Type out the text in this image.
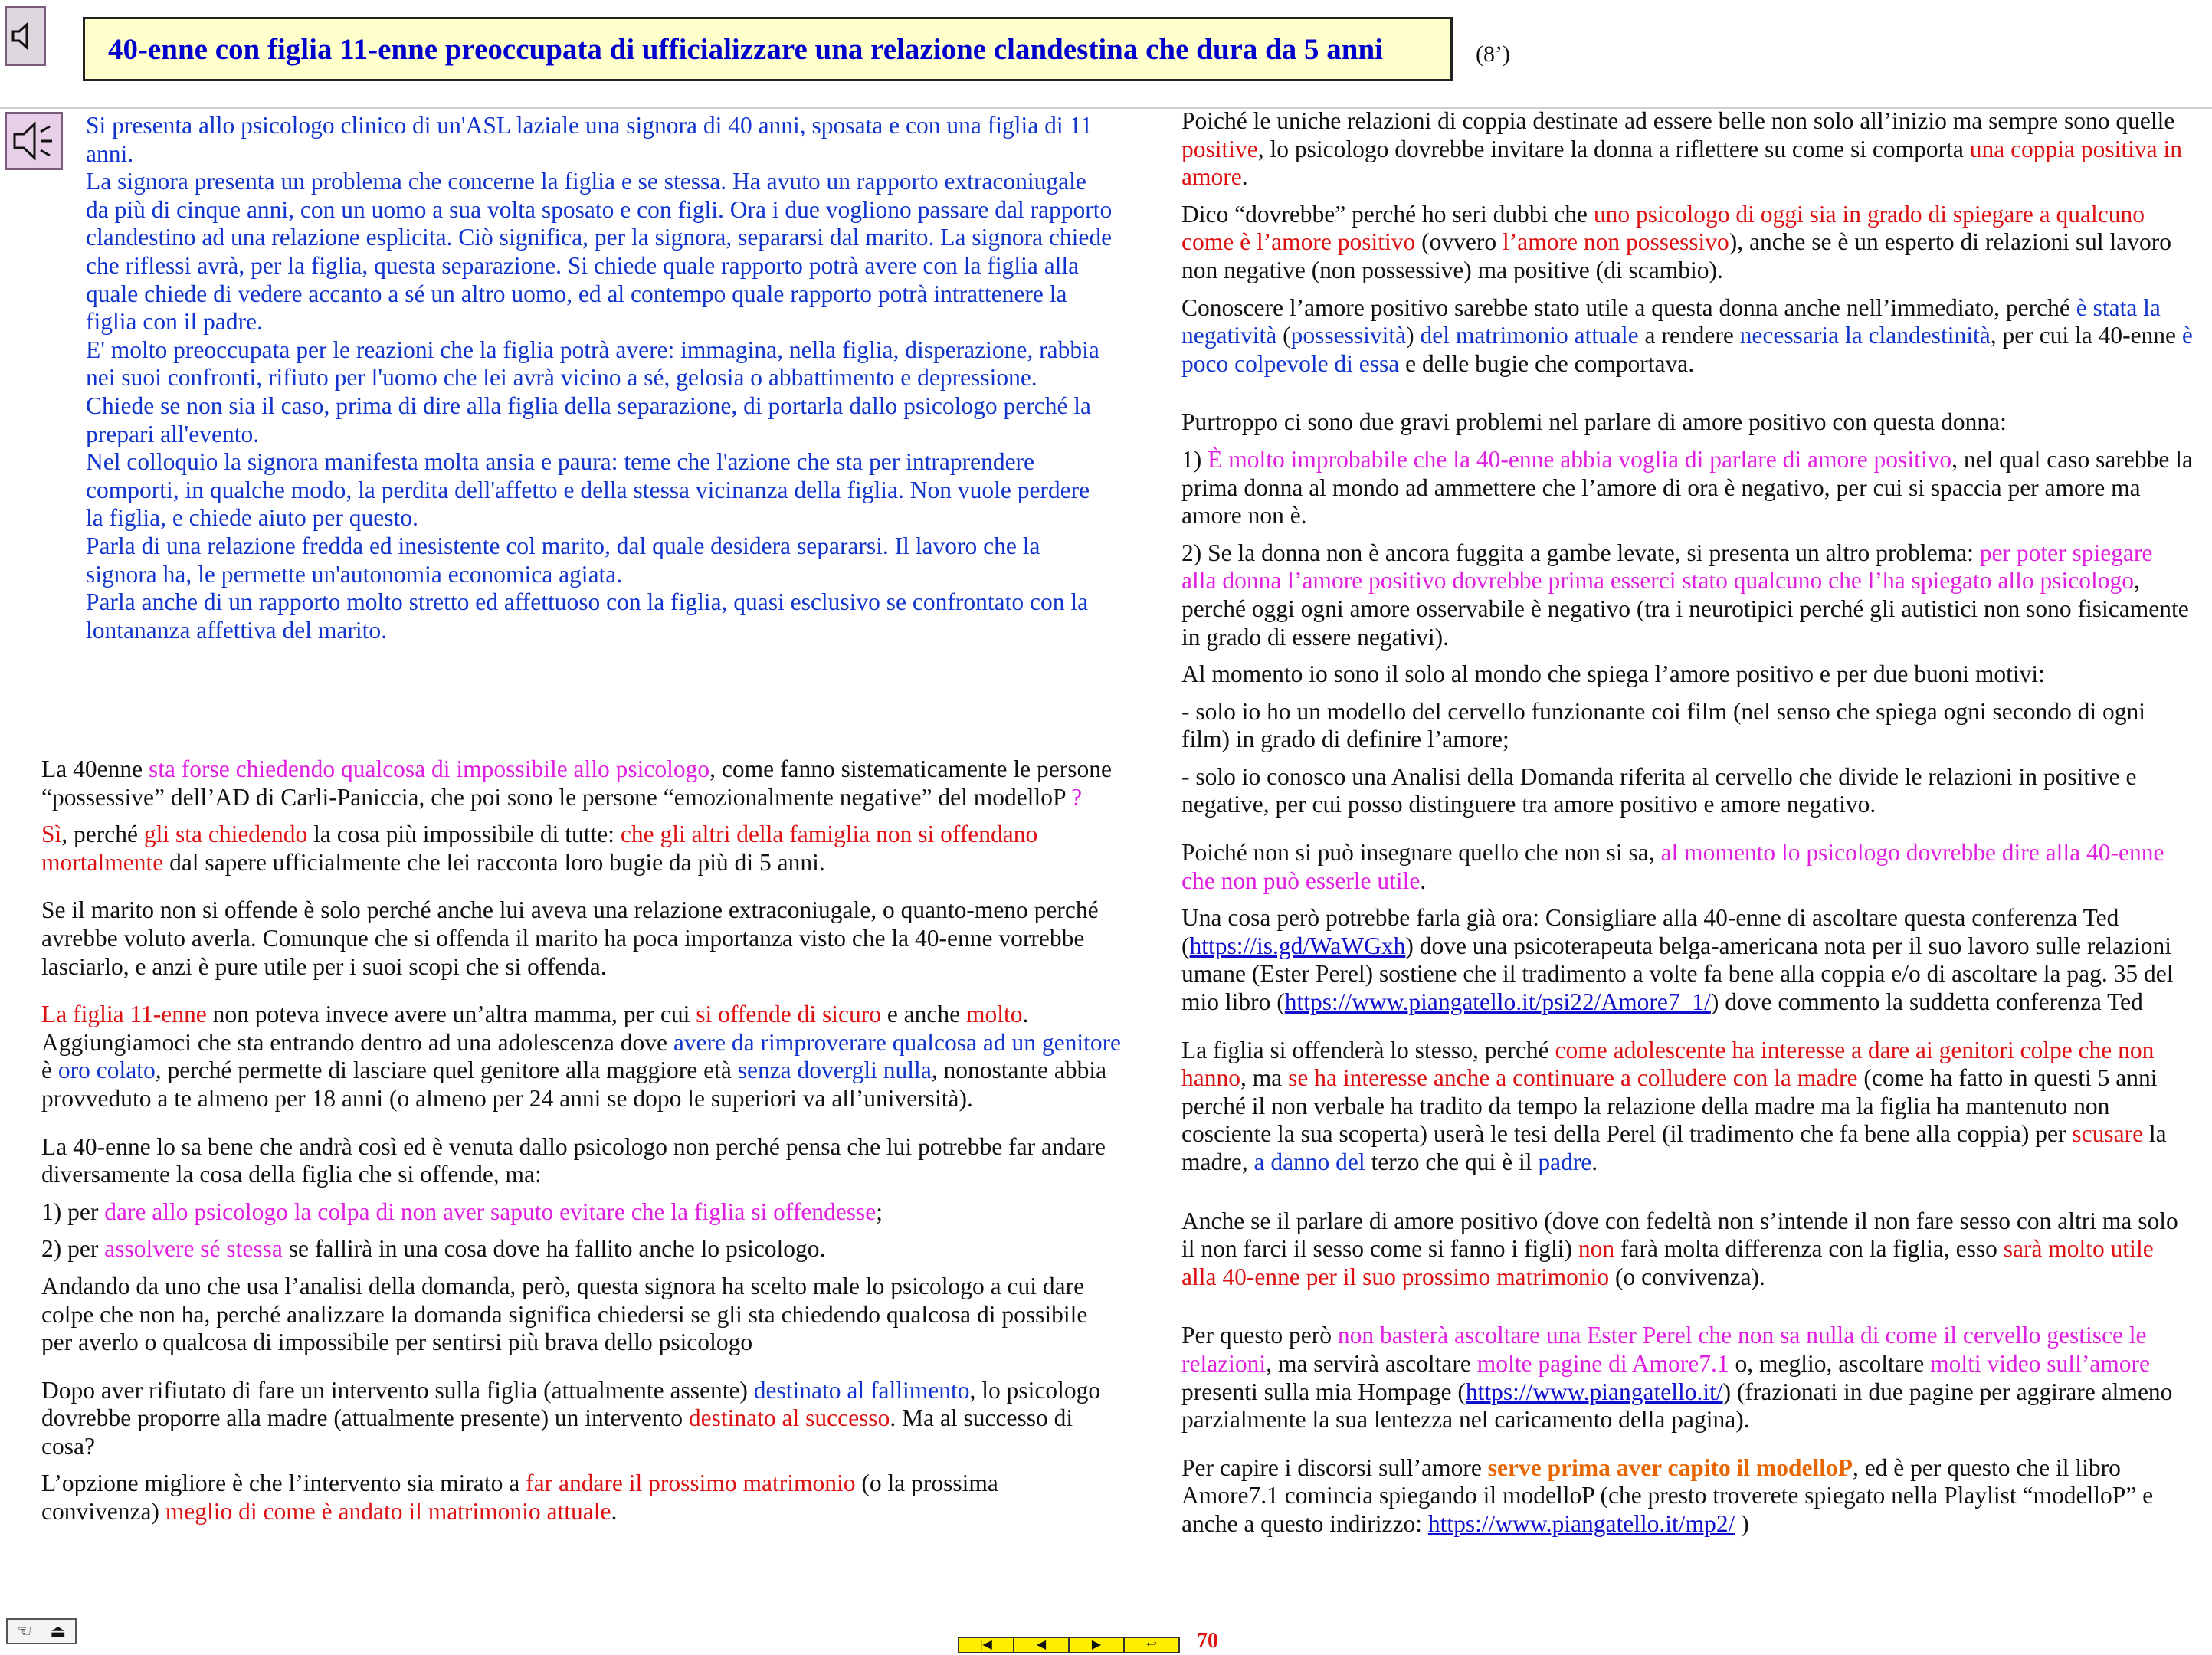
40-enne con figlia 11-enne preoccupata di ufficializzare una relazione clandestina che dura da 5 anni	(8’)

Si presenta allo psicologo clinico di un'ASL laziale una signora di 40 anni, sposata e con una figlia di 11 anni.

La signora presenta un problema che concerne la figlia e se stessa. Ha avuto un rapporto extraconiugale da più di cinque anni, con un uomo a sua volta sposato e con figli. Ora i due vogliono passare dal rapporto clandestino ad una relazione esplicita. Ciò significa, per la signora, separarsi dal marito. La signora chiede che riflessi avrà, per la figlia, questa separazione. Si chiede quale rapporto potrà avere con la figlia alla quale chiede di vedere accanto a sé un altro uomo, ed al contempo quale rapporto potrà intrattenere la figlia con il padre.

E' molto preoccupata per le reazioni che la figlia potrà avere: immagina, nella figlia, disperazione, rabbia nei suoi confronti, rifiuto per l'uomo che lei avrà vicino a sé, gelosia o abbattimento e depressione.

Chiede se non sia il caso, prima di dire alla figlia della separazione, di portarla dallo psicologo perché la prepari all'evento.

Nel colloquio la signora manifesta molta ansia e paura: teme che l'azione che sta per intraprendere comporti, in qualche modo, la perdita dell'affetto e della stessa vicinanza della figlia. Non vuole perdere la figlia, e chiede aiuto per questo.

Parla di una relazione fredda ed inesistente col marito, dal quale desidera separarsi. Il lavoro che la signora ha, le permette un'autonomia economica agiata.

Parla anche di un rapporto molto stretto ed affettuoso con la figlia, quasi esclusivo se confrontato con la lontananza affettiva del marito.

La 40enne sta forse chiedendo qualcosa di impossibile allo psicologo, come fanno sistematicamente le persone “possessive” dell’AD di Carli-Paniccia, che poi sono le persone “emozionalmente negative” del modelloP ?

Sì, perché gli sta chiedendo la cosa più impossibile di tutte: che gli altri della famiglia non si offendano mortalmente dal sapere ufficialmente che lei racconta loro bugie da più di 5 anni.

Se il marito non si offende è solo perché anche lui aveva una relazione extraconiugale, o quanto-meno perché avrebbe voluto averla. Comunque che si offenda il marito ha poca importanza visto che la 40-enne vorrebbe lasciarlo, e anzi è pure utile per i suoi scopi che si offenda.

La figlia 11-enne non poteva invece avere un’altra mamma, per cui si offende di sicuro e anche molto. Aggiungiamoci che sta entrando dentro ad una adolescenza dove avere da rimproverare qualcosa ad un genitore è oro colato, perché permette di lasciare quel genitore alla maggiore età senza dovergli nulla, nonostante abbia provveduto a te almeno per 18 anni (o almeno per 24 anni se dopo le superiori va all’università).

La 40-enne lo sa bene che andrà così ed è venuta dallo psicologo non perché pensa che lui potrebbe far andare diversamente la cosa della figlia che si offende, ma:

1) per dare allo psicologo la colpa di non aver saputo evitare che la figlia si offendesse;

2) per assolvere sé stessa se fallirà in una cosa dove ha fallito anche lo psicologo.

Andando da uno che usa l’analisi della domanda, però, questa signora ha scelto male lo psicologo a cui dare colpe che non ha, perché analizzare la domanda significa chiedersi se gli sta chiedendo qualcosa di possibile per averlo o qualcosa di impossibile per sentirsi più brava dello psicologo

Dopo aver rifiutato di fare un intervento sulla figlia (attualmente assente) destinato al fallimento, lo psicologo dovrebbe proporre alla madre (attualmente presente) un intervento destinato al successo. Ma al successo di cosa?

L’opzione migliore è che l’intervento sia mirato a far andare il prossimo matrimonio (o la prossima convivenza) meglio di come è andato il matrimonio attuale.

Poiché le uniche relazioni di coppia destinate ad essere belle non solo all’inizio ma sempre sono quelle positive, lo psicologo dovrebbe invitare la donna a riflettere su come si comporta una coppia positiva in amore.

Dico “dovrebbe” perché ho seri dubbi che uno psicologo di oggi sia in grado di spiegare a qualcuno come è l’amore positivo (ovvero l’amore non possessivo), anche se è un esperto di relazioni sul lavoro non negative (non possessive) ma positive (di scambio).

Conoscere l’amore positivo sarebbe stato utile a questa donna anche nell’immediato, perché è stata la negatività (possessività) del matrimonio attuale a rendere necessaria la clandestinità, per cui la 40-enne è poco colpevole di essa e delle bugie che comportava.

Purtroppo ci sono due gravi problemi nel parlare di amore positivo con questa donna:

1) È molto improbabile che la 40-enne abbia voglia di parlare di amore positivo, nel qual caso sarebbe la prima donna al mondo ad ammettere che l’amore di ora è negativo, per cui si spaccia per amore ma amore non è.

2) Se la donna non è ancora fuggita a gambe levate, si presenta un altro problema: per poter spiegare alla donna l’amore positivo dovrebbe prima esserci stato qualcuno che l’ha spiegato allo psicologo, perché oggi ogni amore osservabile è negativo (tra i neurotipici perché gli autistici non sono fisicamente in grado di essere negativi).

Al momento io sono il solo al mondo che spiega l’amore positivo e per due buoni motivi:

- solo io ho un modello del cervello funzionante coi film (nel senso che spiega ogni secondo di ogni film) in grado di definire l’amore;

- solo io conosco una Analisi della Domanda riferita al cervello che divide le relazioni in positive e negative, per cui posso distinguere tra amore positivo e amore negativo.

Poiché non si può insegnare quello che non si sa, al momento lo psicologo dovrebbe dire alla 40-enne che non può esserle utile.

Una cosa però potrebbe farla già ora: Consigliare alla 40-enne di ascoltare questa conferenza Ted (https://is.gd/WaWGxh) dove una psicoterapeuta belga-americana nota per il suo lavoro sulle relazioni umane (Ester Perel) sostiene che il tradimento a volte fa bene alla coppia e/o di ascoltare la pag. 35 del mio libro (https://www.piangatello.it/psi22/Amore7_1/) dove commento la suddetta conferenza Ted

La figlia si offenderà lo stesso, perché come adolescente ha interesse a dare ai genitori colpe che non hanno, ma se ha interesse anche a continuare a colludere con la madre (come ha fatto in questi 5 anni perché il non verbale ha tradito da tempo la relazione della madre ma la figlia ha mantenuto non cosciente la sua scoperta) userà le tesi della Perel (il tradimento che fa bene alla coppia) per scusare la madre, a danno del terzo che qui è il padre.

Anche se il parlare di amore positivo (dove con fedeltà non s’intende il non fare sesso con altri ma solo il non farci il sesso come si fanno i figli) non farà molta differenza con la figlia, esso sarà molto utile alla 40-enne per il suo prossimo matrimonio (o convivenza).

Per questo però non basterà ascoltare una Ester Perel che non sa nulla di come il cervello gestisce le relazioni, ma servirà ascoltare molte pagine di Amore7.1 o, meglio, ascoltare molti video sull’amore presenti sulla mia Hompage (https://www.piangatello.it/) (frazionati in due pagine per aggirare almeno parzialmente la sua lentezza nel caricamento della pagina).

Per capire i discorsi sull’amore serve prima aver capito il modelloP, ed è per questo che il libro Amore7.1 comincia spiegando il modelloP (che presto troverete spiegato nella Playlist “modelloP” e anche a questo indirizzo: https://www.piangatello.it/mp2/ )

☜ ⏏
|◀	◀	▶	↩ 70
